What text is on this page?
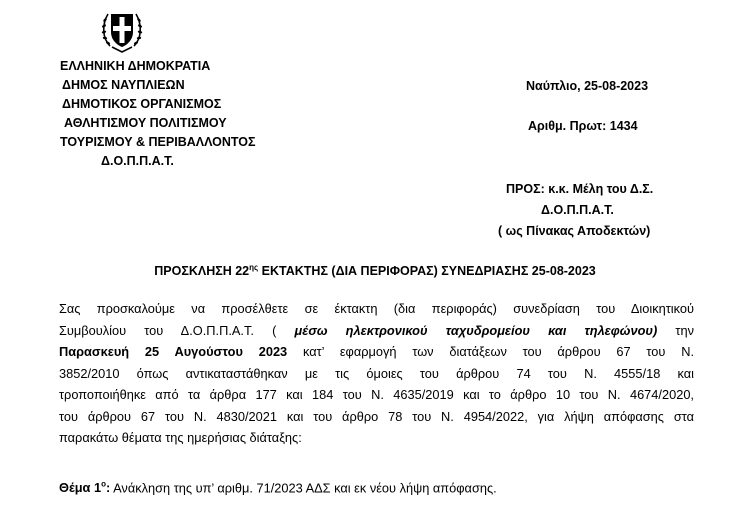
ΕΛΛΗΝΙΚΗ ΔΗΜΟΚΡΑΤΙΑ
ΔΗΜΟΣ ΝΑΥΠΛΙΕΩΝ
ΔΗΜΟΤΙΚΟΣ ΟΡΓΑΝΙΣΜΟΣ
ΑΘΛΗΤΙΣΜΟΥ ΠΟΛΙΤΙΣΜΟΥ
ΤΟΥΡΙΣΜΟΥ & ΠΕΡΙΒΑΛΛΟΝΤΟΣ
Δ.Ο.Π.Π.Α.Τ.
Ναύπλιο, 25-08-2023
Αριθμ. Πρωτ: 1434
ΠΡΟΣ: κ.κ. Μέλη του Δ.Σ.
Δ.Ο.Π.Π.Α.Τ.
( ως Πίνακας Αποδεκτών)
ΠΡΟΣΚΛΗΣΗ $22^{\eta\varsigma}$ ΕΚΤΑΚΤΗΣ (ΔΙΑ ΠΕΡΙΦΟΡΑΣ) ΣΥΝΕΔΡΙΑΣΗΣ 25-08-2023
Σας προσκαλούμε να προσέλθετε σε έκτακτη (δια περιφοράς) συνεδρίαση του Διοικητικού
Συμβουλίου του Δ.Ο.Π.Π.Α.Τ. ( μέσω ηλεκτρονικού ταχυδρομείου και τηλεφώνου) την
Παρασκευή 25 Αυγούστου 2023 κατ’ εφαρμογή των διατάξεων του άρθρου 67 του Ν.
3852/2010 όπως αντικαταστάθηκαν με τις όμοιες του άρθρου 74 του Ν. 4555/18 και
τροποποιήθηκε από τα άρθρα 177 και 184 του Ν. 4635/2019 και το άρθρο 10 του Ν. 4674/2020,
του άρθρου 67 του Ν. 4830/2021 και του άρθρο 78 του Ν. 4954/2022, για λήψη απόφασης στα
παρακάτω θέματα της ημερήσιας διάταξης:
Θέμα $1^o$: Ανάκληση της υπ’ αριθμ. 71/2023 ΑΔΣ και εκ νέου λήψη απόφασης.
